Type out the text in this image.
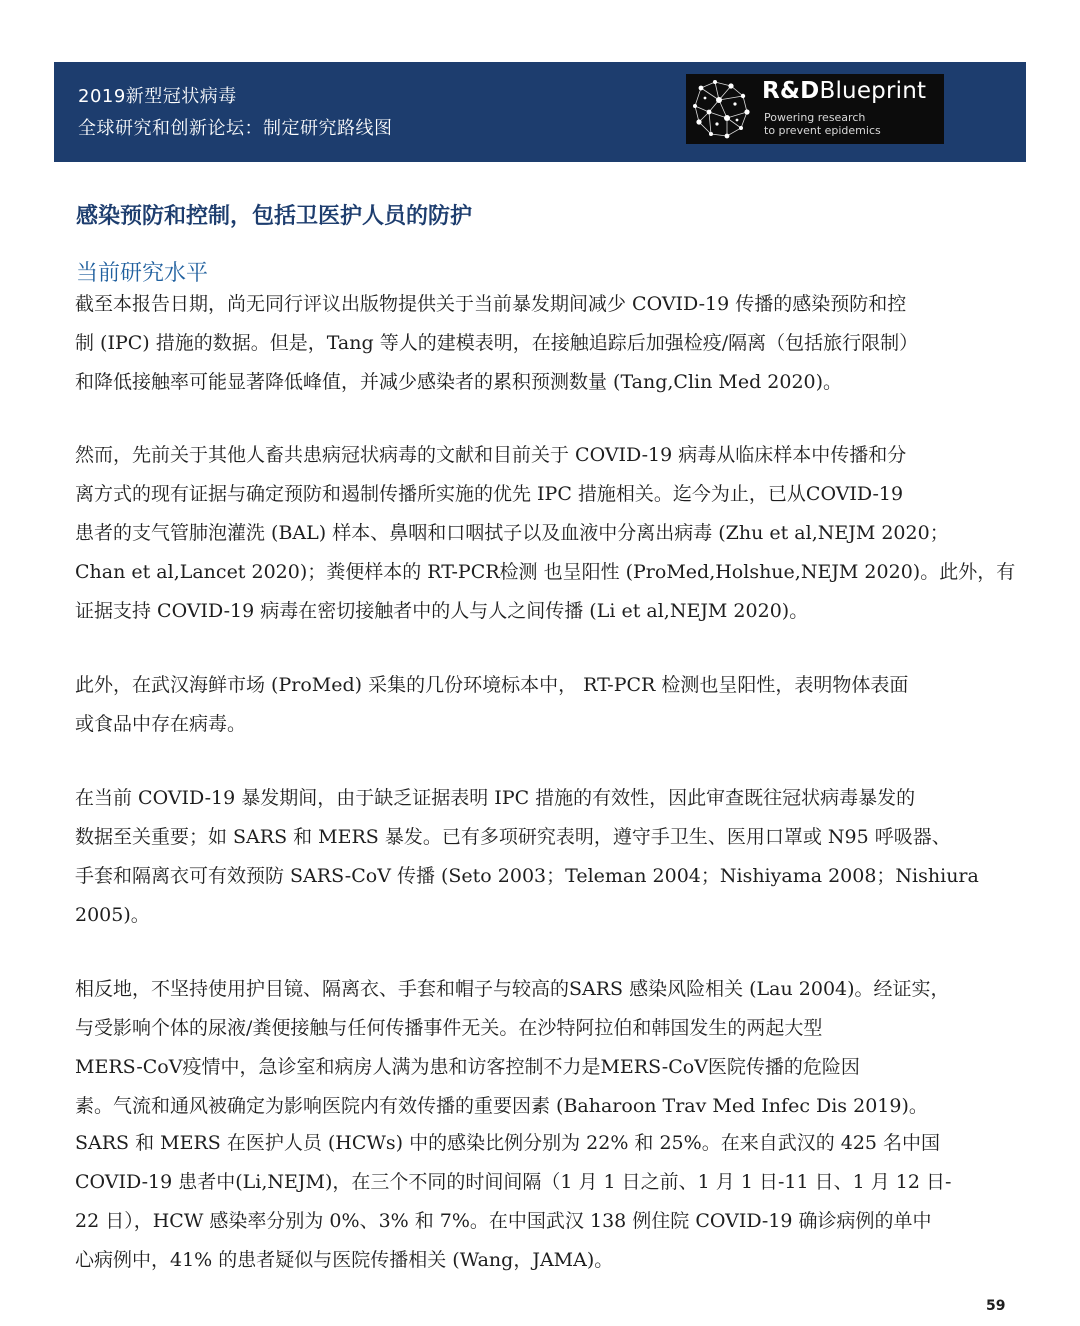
2019新型冠状病毒
全球研究和创新论坛：制定研究路线图
R&DBlueprint
Powering research
to prevent epidemics
感染预防和控制，包括卫医护人员的防护
当前研究水平
截至本报告日期，尚无同行评议出版物提供关于当前暴发期间减少 COVID-19 传播的感染预防和控
制 (IPC) 措施的数据。但是，Tang 等人的建模表明，在接触追踪后加强检疫/隔离（包括旅行限制）
和降低接触率可能显著降低峰值，并减少感染者的累积预测数量 (Tang,Clin Med 2020)。
然而，先前关于其他人畜共患病冠状病毒的文献和目前关于 COVID-19 病毒从临床样本中传播和分
离方式的现有证据与确定预防和遏制传播所实施的优先 IPC 措施相关。迄今为止，已从COVID-19
患者的支气管肺泡灌洗 (BAL) 样本、鼻咽和口咽拭子以及血液中分离出病毒 (Zhu et al,NEJM 2020；
Chan et al,Lancet 2020)；粪便样本的 RT-PCR检测 也呈阳性 (ProMed,Holshue,NEJM 2020)。此外，有
证据支持 COVID-19 病毒在密切接触者中的人与人之间传播 (Li et al,NEJM 2020)。
此外，在武汉海鲜市场 (ProMed) 采集的几份环境标本中， RT-PCR 检测也呈阳性，表明物体表面
或食品中存在病毒。
在当前 COVID-19 暴发期间，由于缺乏证据表明 IPC 措施的有效性，因此审查既往冠状病毒暴发的
数据至关重要；如 SARS 和 MERS 暴发。已有多项研究表明，遵守手卫生、医用口罩或 N95 呼吸器、
手套和隔离衣可有效预防 SARS-CoV 传播 (Seto 2003；Teleman 2004；Nishiyama 2008；Nishiura
2005)。
相反地，不坚持使用护目镜、隔离衣、手套和帽子与较高的SARS 感染风险相关 (Lau 2004)。经证实，
与受影响个体的尿液/粪便接触与任何传播事件无关。在沙特阿拉伯和韩国发生的两起大型
MERS-CoV疫情中，急诊室和病房人满为患和访客控制不力是MERS-CoV医院传播的危险因
素。气流和通风被确定为影响医院内有效传播的重要因素 (Baharoon Trav Med Infec Dis 2019)。
SARS 和 MERS 在医护人员 (HCWs) 中的感染比例分别为 22% 和 25%。在来自武汉的 425 名中国
COVID-19 患者中(Li,NEJM)，在三个不同的时间间隔（1 月 1 日之前、1 月 1 日-11 日、1 月 12 日-
22 日），HCW 感染率分别为 0%、3% 和 7%。在中国武汉 138 例住院 COVID-19 确诊病例的单中
心病例中，41% 的患者疑似与医院传播相关 (Wang，JAMA)。
59
